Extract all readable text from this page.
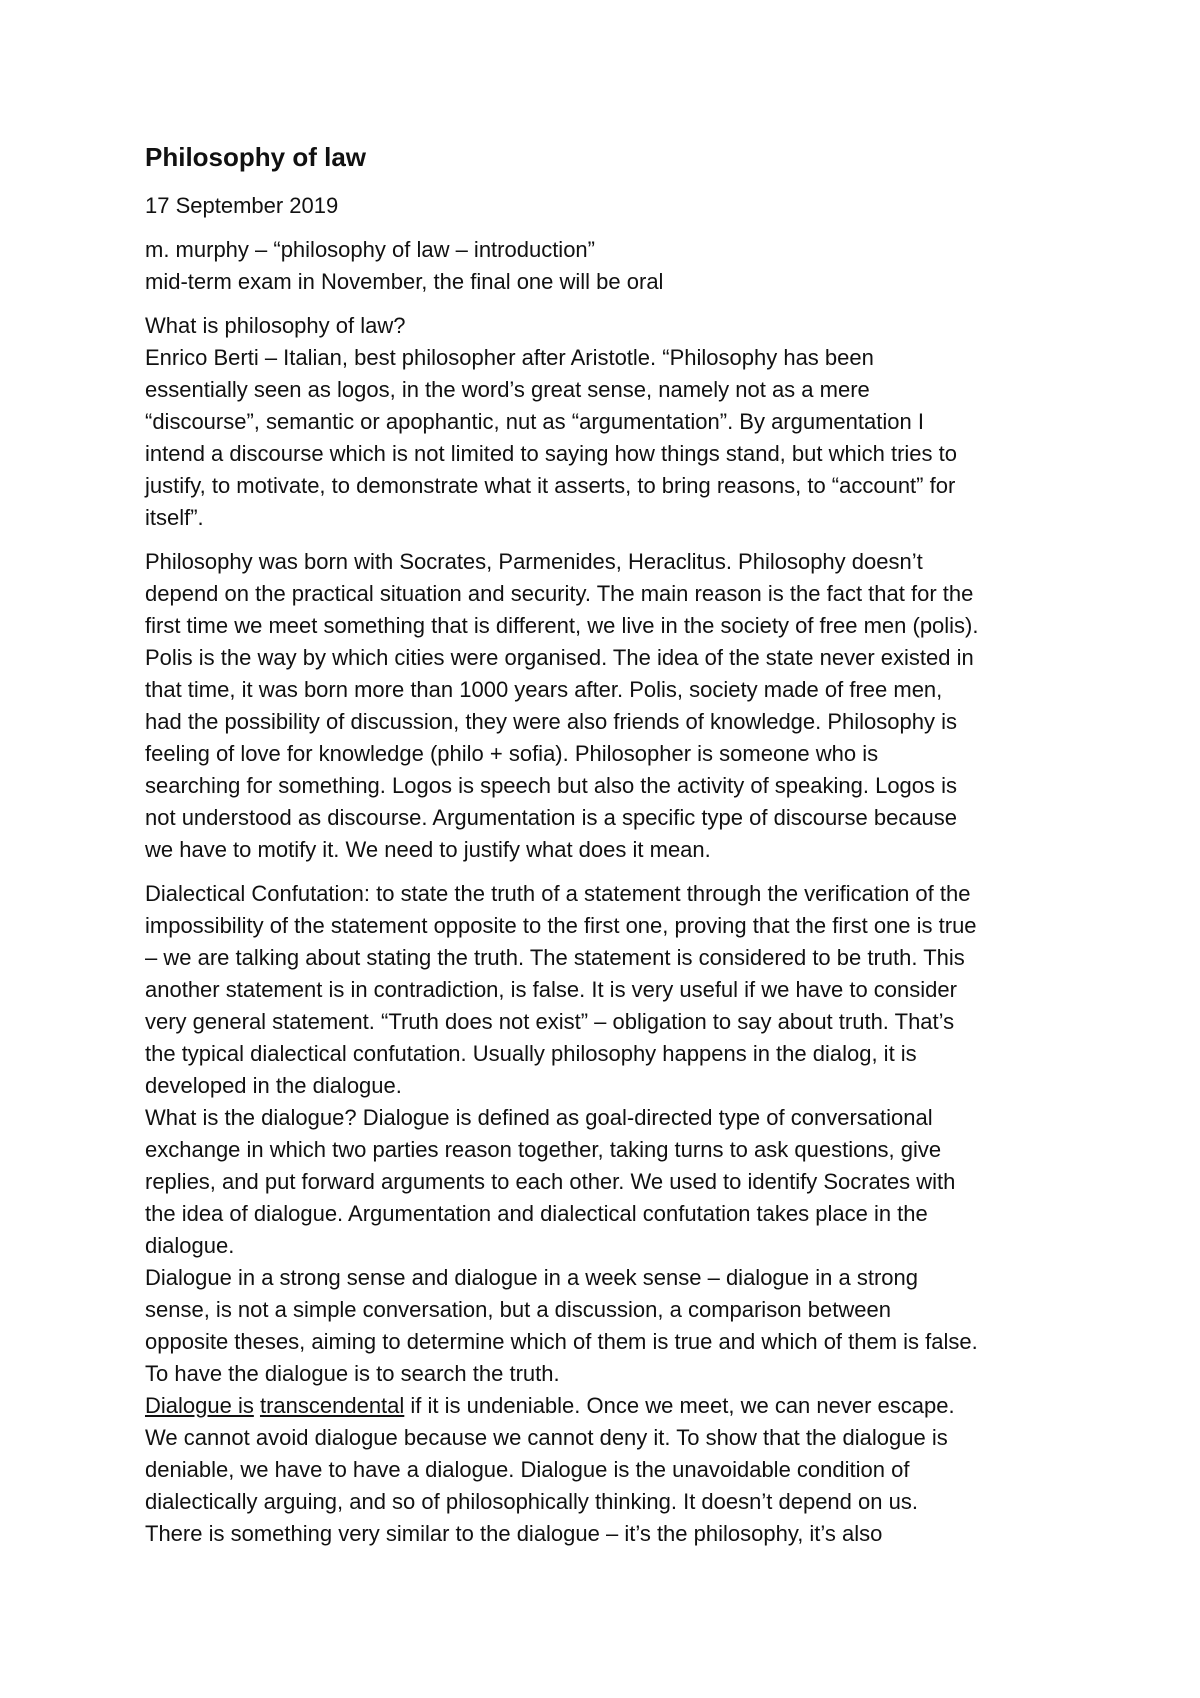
Philosophy of law
17 September 2019
m. murphy – “philosophy of law – introduction”
mid-term exam in November, the final one will be oral
What is philosophy of law?
Enrico Berti – Italian, best philosopher after Aristotle. “Philosophy has been
essentially seen as logos, in the word’s great sense, namely not as a mere
“discourse”, semantic or apophantic, nut as “argumentation”. By argumentation I
intend a discourse which is not limited to saying how things stand, but which tries to
justify, to motivate, to demonstrate what it asserts, to bring reasons, to “account” for
itself”.
Philosophy was born with Socrates, Parmenides, Heraclitus. Philosophy doesn’t
depend on the practical situation and security. The main reason is the fact that for the
first time we meet something that is different, we live in the society of free men (polis).
Polis is the way by which cities were organised. The idea of the state never existed in
that time, it was born more than 1000 years after. Polis, society made of free men,
had the possibility of discussion, they were also friends of knowledge. Philosophy is
feeling of love for knowledge (philo + sofia). Philosopher is someone who is
searching for something. Logos is speech but also the activity of speaking. Logos is
not understood as discourse. Argumentation is a specific type of discourse because
we have to motify it. We need to justify what does it mean.
Dialectical Confutation: to state the truth of a statement through the verification of the
impossibility of the statement opposite to the first one, proving that the first one is true
– we are talking about stating the truth. The statement is considered to be truth. This
another statement is in contradiction, is false. It is very useful if we have to consider
very general statement. “Truth does not exist” – obligation to say about truth. That’s
the typical dialectical confutation. Usually philosophy happens in the dialog, it is
developed in the dialogue.
What is the dialogue? Dialogue is defined as goal-directed type of conversational
exchange in which two parties reason together, taking turns to ask questions, give
replies, and put forward arguments to each other. We used to identify Socrates with
the idea of dialogue. Argumentation and dialectical confutation takes place in the
dialogue.
Dialogue in a strong sense and dialogue in a week sense – dialogue in a strong
sense, is not a simple conversation, but a discussion, a comparison between
opposite theses, aiming to determine which of them is true and which of them is false.
To have the dialogue is to search the truth.
Dialogue is transcendental if it is undeniable. Once we meet, we can never escape.
We cannot avoid dialogue because we cannot deny it. To show that the dialogue is
deniable, we have to have a dialogue. Dialogue is the unavoidable condition of
dialectically arguing, and so of philosophically thinking. It doesn’t depend on us.
There is something very similar to the dialogue – it’s the philosophy, it’s also
